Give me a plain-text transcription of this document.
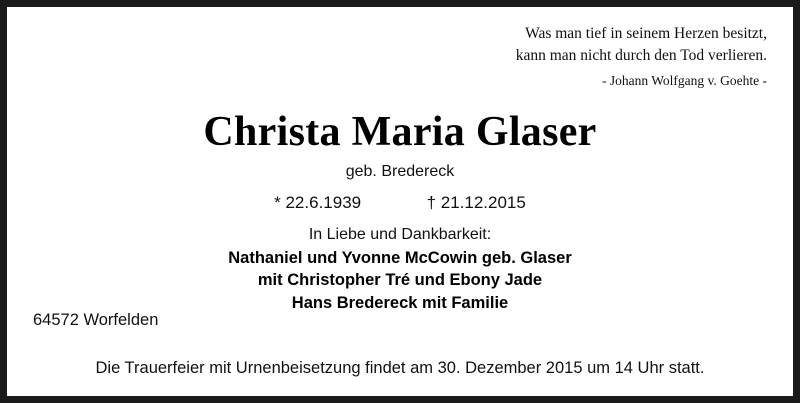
Was man tief in seinem Herzen besitzt,
kann man nicht durch den Tod verlieren.
- Johann Wolfgang v. Goehte -
Christa Maria Glaser
geb. Bredereck
* 22.6.1939	† 21.12.2015
In Liebe und Dankbarkeit:
Nathaniel und Yvonne McCowin geb. Glaser
mit Christopher Tré und Ebony Jade
Hans Bredereck mit Familie
64572 Worfelden
Die Trauerfeier mit Urnenbeisetzung findet am 30. Dezember 2015 um 14 Uhr statt.
